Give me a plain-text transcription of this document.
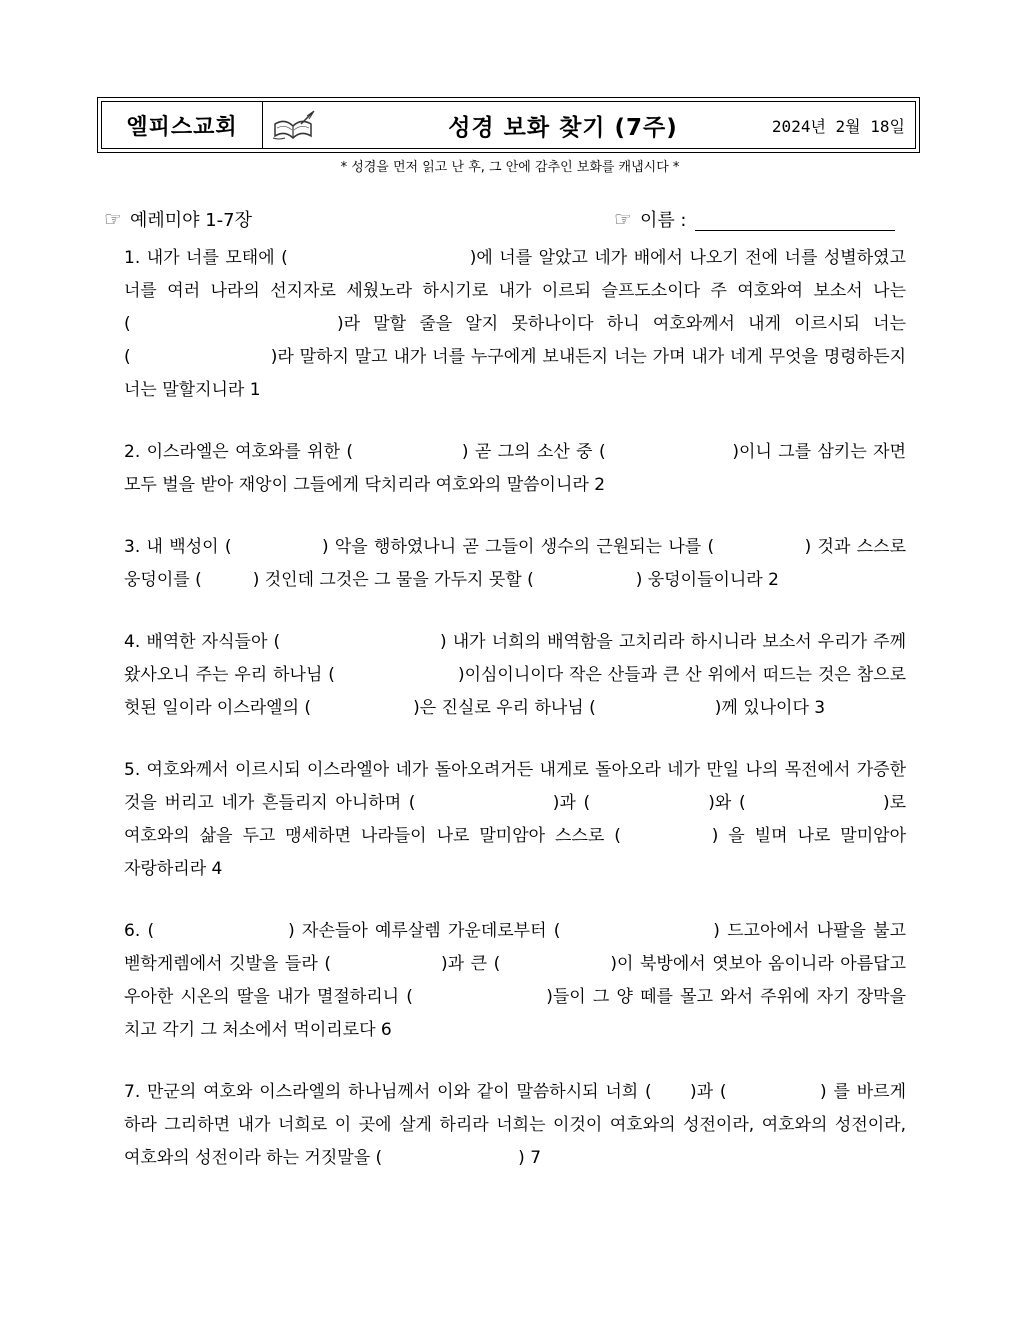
엘피스교회	성경 보화 찾기 (7주)	2024년 2월 18일
* 성경을 먼저 읽고 난 후, 그 안에 감추인 보화를 캐냅시다 *
☞ 예레미야 1-7장	☞ 이름 :
1. 내가 너를 모태에 (　　　　　　　　　　)에 너를 알았고 네가 배에서 나오기 전에 너를 성별하였고 너를 여러 나라의 선지자로 세웠노라 하시기로 내가 이르되 슬프도소이다 주 여호와여 보소서 나는 (　　　　　　　　)라 말할 줄을 알지 못하나이다 하니 여호와께서 내게 이르시되 너는 (　　　　　　　　)라 말하지 말고 내가 너를 누구에게 보내든지 너는 가며 내가 네게 무엇을 명령하든지 너는 말할지니라 1
2. 이스라엘은 여호와를 위한 (　　　　　　) 곧 그의 소산 중 (　　　　　　　)이니 그를 삼키는 자면 모두 벌을 받아 재앙이 그들에게 닥치리라 여호와의 말씀이니라 2
3. 내 백성이 (　　　　　) 악을 행하였나니 곧 그들이 생수의 근원되는 나를 (　　　　　) 것과 스스로 웅덩이를 (　　　) 것인데 그것은 그 물을 가두지 못할 (　　　　　　) 웅덩이들이니라 2
4. 배역한 자식들아 (　　　　　　　　　) 내가 너희의 배역함을 고치리라 하시니라 보소서 우리가 주께 왔사오니 주는 우리 하나님 (　　　　　　　)이심이니이다 작은 산들과 큰 산 위에서 떠드는 것은 참으로 헛된 일이라 이스라엘의 (　　　　　　)은 진실로 우리 하나님 (　　　　　　　)께 있나이다 3
5. 여호와께서 이르시되 이스라엘아 네가 돌아오려거든 내게로 돌아오라 네가 만일 나의 목전에서 가증한 것을 버리고 네가 흔들리지 아니하며 (　　　　　　　)과 (　　　　　　)와 (　　　　　　　)로 여호와의 삶을 두고 맹세하면 나라들이 나로 말미암아 스스로 (　　　　) 을 빌며 나로 말미암아 자랑하리라 4
6. (　　　　　　　) 자손들아 예루살렘 가운데로부터 (　　　　　　　　) 드고아에서 나팔을 불고 벧학게렘에서 깃발을 들라 (　　　　　　)과 큰 (　　　　　　)이 북방에서 엿보아 옴이니라 아름답고 우아한 시온의 딸을 내가 멸절하리니 (　　　　　　　)들이 그 양 떼를 몰고 와서 주위에 자기 장막을 치고 각기 그 처소에서 먹이리로다 6
7. 만군의 여호와 이스라엘의 하나님께서 이와 같이 말씀하시되 너희 (　　)과 (　　　　　) 를 바르게 하라 그리하면 내가 너희로 이 곳에 살게 하리라 너희는 이것이 여호와의 성전이라, 여호와의 성전이라, 여호와의 성전이라 하는 거짓말을 (　　　　　　　　) 7
